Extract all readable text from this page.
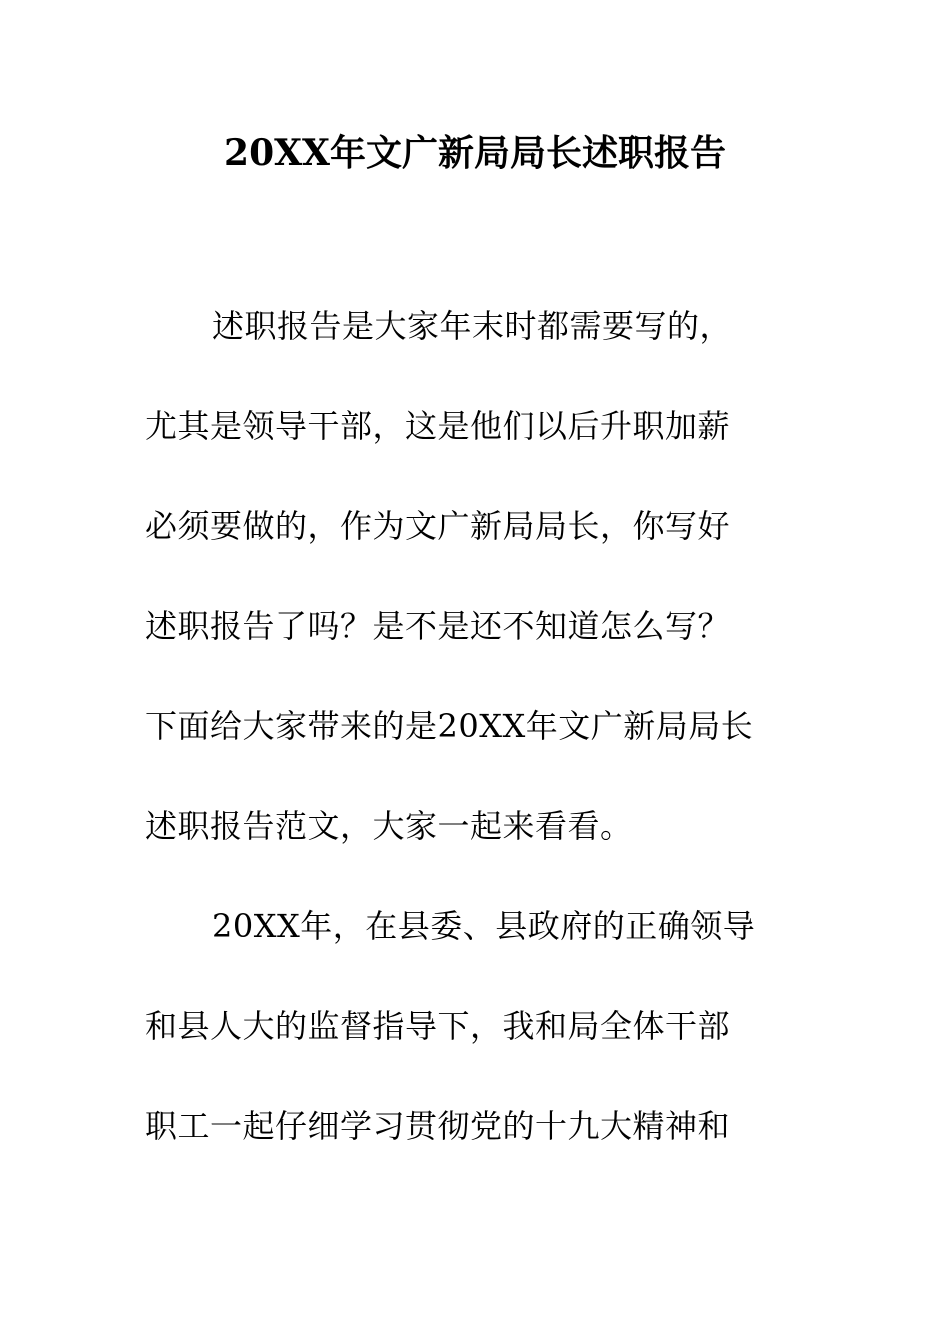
20XX年文广新局局长述职报告
述职报告是大家年末时都需要写的，
尤其是领导干部，这是他们以后升职加薪
必须要做的，作为文广新局局长，你写好
述职报告了吗？是不是还不知道怎么写？
下面给大家带来的是20XX年文广新局局长
述职报告范文，大家一起来看看。
20XX年，在县委、县政府的正确领导
和县人大的监督指导下，我和局全体干部
职工一起仔细学习贯彻党的十九大精神和
